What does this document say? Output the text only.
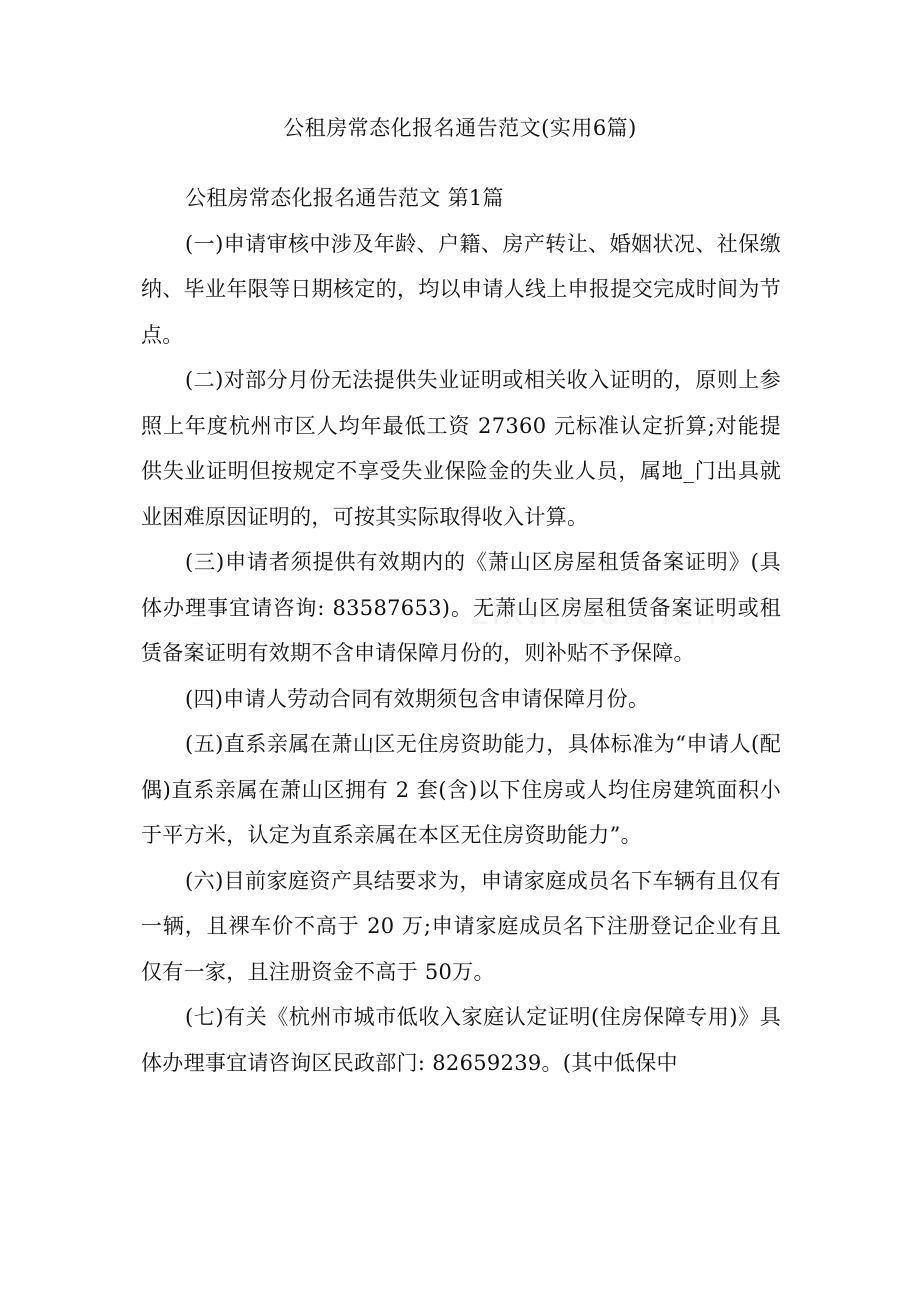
公租房常态化报名通告范文(实用6篇)

公租房常态化报名通告范文 第1篇

(一)申请审核中涉及年龄、户籍、房产转让、婚姻状况、社保缴纳、毕业年限等日期核定的，均以申请人线上申报提交完成时间为节点。

(二)对部分月份无法提供失业证明或相关收入证明的，原则上参照上年度杭州市区人均年最低工资 27360 元标准认定折算;对能提供失业证明但按规定不享受失业保险金的失业人员，属地_门出具就业困难原因证明的，可按其实际取得收入计算。

(三)申请者须提供有效期内的《萧山区房屋租赁备案证明》(具体办理事宜请咨询: 83587653)。无萧山区房屋租赁备案证明或租赁备案证明有效期不含申请保障月份的，则补贴不予保障。

(四)申请人劳动合同有效期须包含申请保障月份。

(五)直系亲属在萧山区无住房资助能力，具体标准为“申请人(配偶)直系亲属在萧山区拥有 2 套(含)以下住房或人均住房建筑面积小于平方米，认定为直系亲属在本区无住房资助能力”。

(六)目前家庭资产具结要求为，申请家庭成员名下车辆有且仅有一辆，且裸车价不高于 20 万;申请家庭成员名下注册登记企业有且仅有一家，且注册资金不高于 50万。

(七)有关《杭州市城市低收入家庭认定证明(住房保障专用)》具体办理事宜请咨询区民政部门: 82659239。(其中低保中
